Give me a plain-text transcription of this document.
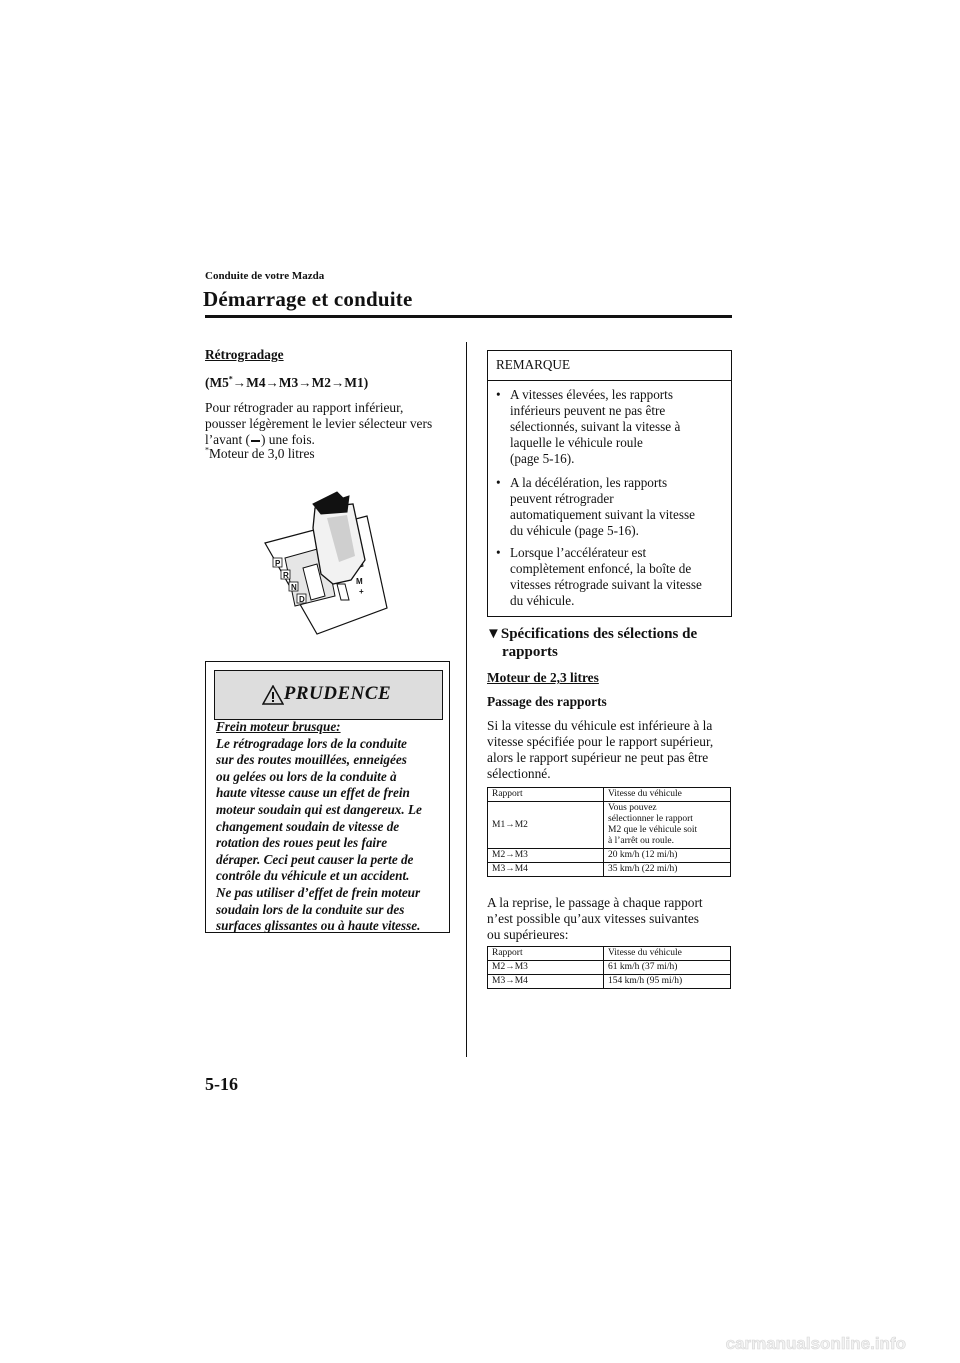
Conduite de votre Mazda
Démarrage et conduite
Rétrogradage
(M5*→M4→M3→M2→M1)
Pour rétrograder au rapport inférieur,
pousser légèrement le levier sélecteur vers
l’avant ( ) une fois.
*Moteur de 3,0 litres
P
R
N
D
M
+
PRUDENCE
Frein moteur brusque:
Le rétrogradage lors de la conduite
sur des routes mouillées, enneigées
ou gelées ou lors de la conduite à
haute vitesse cause un effet de frein
moteur soudain qui est dangereux. Le
changement soudain de vitesse de
rotation des roues peut les faire
déraper. Ceci peut causer la perte de
contrôle du véhicule et un accident.
Ne pas utiliser d’effet de frein moteur
soudain lors de la conduite sur des
surfaces glissantes ou à haute vitesse.
REMARQUE
• A vitesses élevées, les rapports
inférieurs peuvent ne pas être
sélectionnés, suivant la vitesse à
laquelle le véhicule roule
(page 5-16).
• A la décélération, les rapports
peuvent rétrograder
automatiquement suivant la vitesse
du véhicule (page 5-16).
• Lorsque l’accélérateur est
complètement enfoncé, la boîte de
vitesses rétrograde suivant la vitesse
du véhicule.
▼Spécifications des sélections de
rapports
Moteur de 2,3 litres
Passage des rapports
Si la vitesse du véhicule est inférieure à la
vitesse spécifiée pour le rapport supérieur,
alors le rapport supérieur ne peut pas être
sélectionné.
Rapport	Vitesse du véhicule
M1→M2	Vous pouvez
sélectionner le rapport
M2 que le véhicule soit
à l’arrêt ou roule.

M2→M3	20 km/h (12 mi/h)
M3→M4	35 km/h (22 mi/h)
A la reprise, le passage à chaque rapport
n’est possible qu’aux vitesses suivantes
ou supérieures:
Rapport	Vitesse du véhicule
M2→M3	61 km/h (37 mi/h)
M3→M4	154 km/h (95 mi/h)
5-16
carmanualsonline.info
